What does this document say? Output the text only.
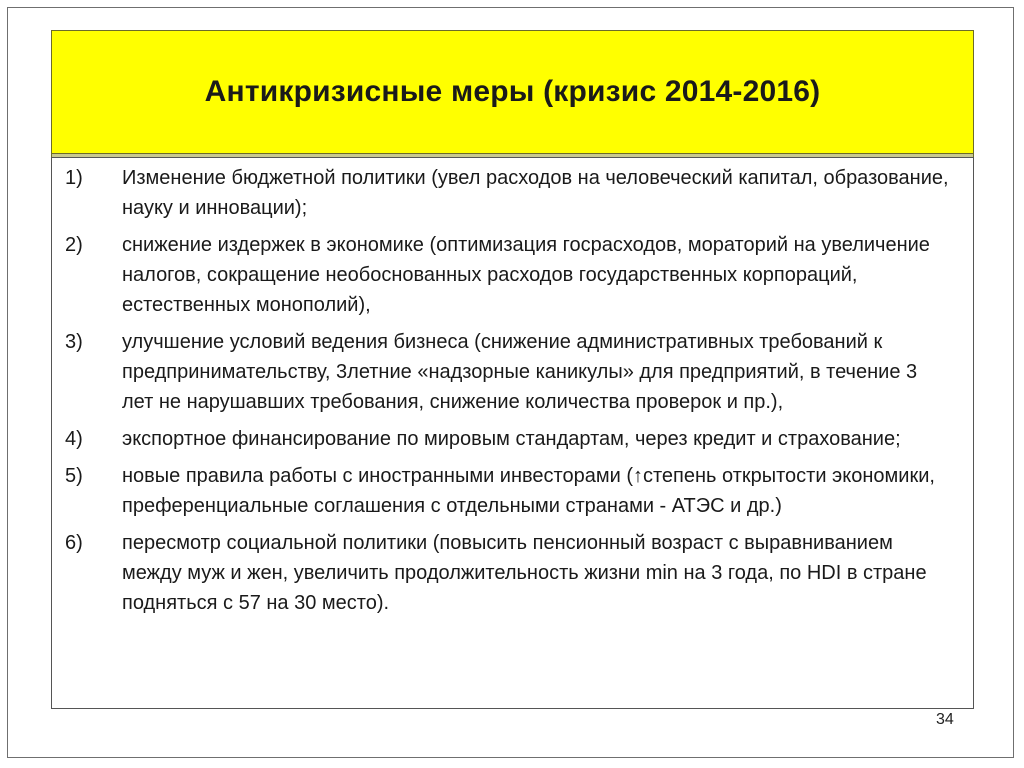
Антикризисные меры (кризис 2014-2016)
1)	Изменение бюджетной политики (увел расходов на человеческий капитал, образование, науку и инновации);
2)	снижение издержек в экономике (оптимизация госрасходов, мораторий на увеличение налогов, сокращение необоснованных расходов государственных корпораций, естественных монополий),
3)	улучшение условий ведения бизнеса (снижение административных требований к предпринимательству, 3летние «надзорные каникулы» для предприятий, в течение 3 лет не нарушавших требования, снижение количества проверок и пр.),
4)	экспортное финансирование по мировым стандартам, через кредит и страхование;
5)	новые правила работы с иностранными инвесторами (↑степень открытости экономики, преференциальные соглашения с отдельными странами - АТЭС и др.)
6)	пересмотр социальной политики (повысить пенсионный возраст с выравниванием между муж и жен, увеличить продолжительность жизни min на 3 года, по HDI в стране подняться с 57 на 30 место).
34
